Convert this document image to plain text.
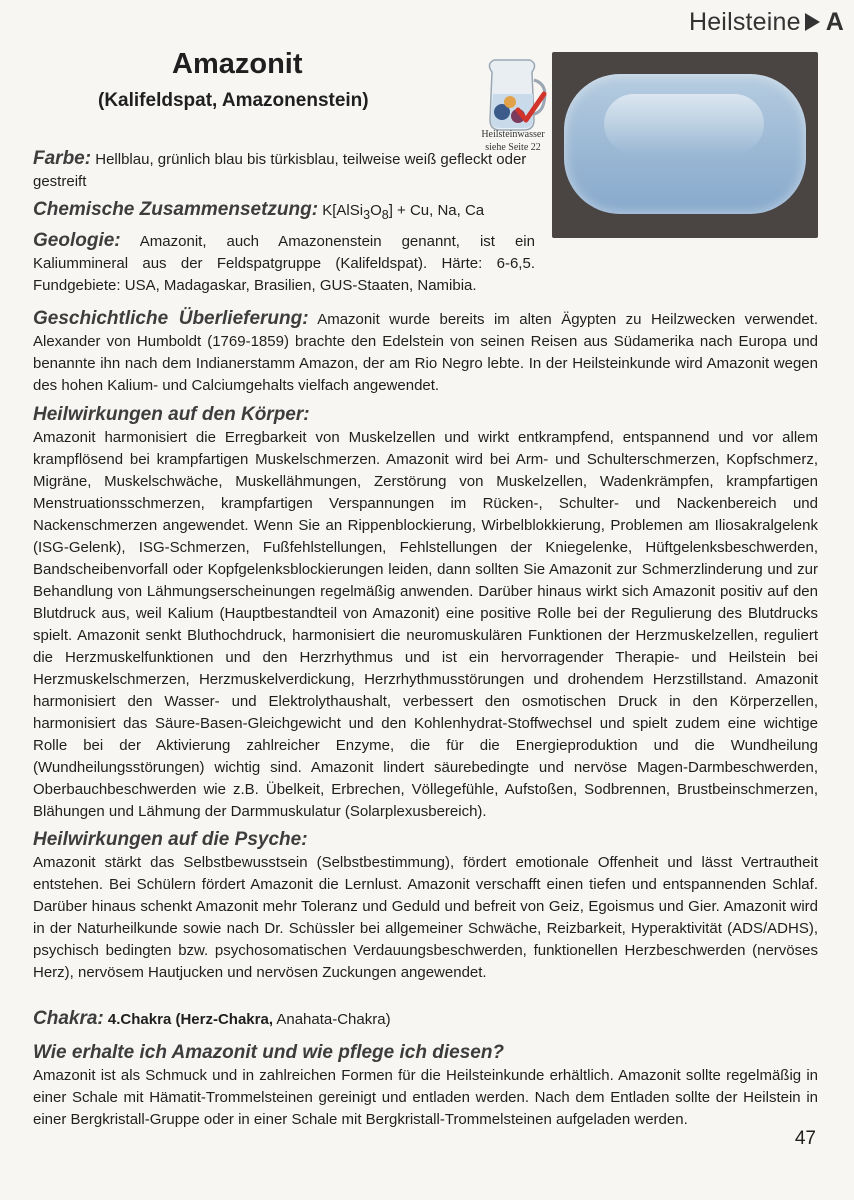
Heilsteine A
Amazonit
(Kalifeldspat, Amazonenstein)
Heilsteinwasser
siehe Seite 22

Farbe: Hellblau, grünlich blau bis türkisblau, teilweise weiß gefleckt oder gestreift

Chemische Zusammensetzung: $K[AlSi_3O_8] + Cu$, Na, Ca

Geologie: Amazonit, auch Amazonenstein genannt, ist ein Kaliummineral aus der Feldspatgruppe (Kalifeldspat). Härte: 6-6,5. Fundgebiete: USA, Madagaskar, Brasilien, GUS-Staaten, Namibia.

Geschichtliche Überlieferung: Amazonit wurde bereits im alten Ägypten zu Heilzwecken verwendet. Alexander von Humboldt (1769-1859) brachte den Edelstein von seinen Reisen aus Südamerika nach Europa und benannte ihn nach dem Indianerstamm Amazon, der am Rio Negro lebte. In der Heilsteinkunde wird Amazonit wegen des hohen Kalium- und Calciumgehalts vielfach angewendet.

Heilwirkungen auf den Körper:

Amazonit harmonisiert die Erregbarkeit von Muskelzellen und wirkt entkrampfend, entspannend und vor allem krampflösend bei krampfartigen Muskelschmerzen. Amazonit wird bei Arm- und Schulterschmerzen, Kopfschmerz, Migräne, Muskelschwäche, Muskellähmungen, Zerstörung von Muskelzellen, Wadenkrämpfen, krampfartigen Menstruationsschmerzen, krampfartigen Verspannungen im Rücken-, Schulter- und Nackenbereich und Nackenschmerzen angewendet. Wenn Sie an Rippenblockierung, Wirbelblokkierung, Problemen am Iliosakralgelenk (ISG-Gelenk), ISG-Schmerzen, Fußfehlstellungen, Fehlstellungen der Kniegelenke, Hüftgelenksbeschwerden, Bandscheibenvorfall oder Kopfgelenksblockierungen leiden, dann sollten Sie Amazonit zur Schmerzlinderung und zur Behandlung von Lähmungserscheinungen regelmäßig anwenden. Darüber hinaus wirkt sich Amazonit positiv auf den Blutdruck aus, weil Kalium (Hauptbestandteil von Amazonit) eine positive Rolle bei der Regulierung des Blutdrucks spielt. Amazonit senkt Bluthochdruck, harmonisiert die neuromuskulären Funktionen der Herzmuskelzellen, reguliert die Herzmuskelfunktionen und den Herzrhythmus und ist ein hervorragender Therapie- und Heilstein bei Herzmuskelschmerzen, Herzmuskelverdickung, Herzrhythmusstörungen und drohendem Herzstillstand. Amazonit harmonisiert den Wasser- und Elektrolythaushalt, verbessert den osmotischen Druck in den Körperzellen, harmonisiert das Säure-Basen-Gleichgewicht und den Kohlenhydrat-Stoffwechsel und spielt zudem eine wichtige Rolle bei der Aktivierung zahlreicher Enzyme, die für die Energieproduktion und die Wundheilung (Wundheilungsstörungen) wichtig sind. Amazonit lindert säurebedingte und nervöse Magen-Darmbeschwerden, Oberbauchbeschwerden wie z.B. Übelkeit, Erbrechen, Völlegefühle, Aufstoßen, Sodbrennen, Brustbeinschmerzen, Blähungen und Lähmung der Darmmuskulatur (Solarplexusbereich).

Heilwirkungen auf die Psyche:

Amazonit stärkt das Selbstbewusstsein (Selbstbestimmung), fördert emotionale Offenheit und lässt Vertrautheit entstehen. Bei Schülern fördert Amazonit die Lernlust. Amazonit verschafft einen tiefen und entspannenden Schlaf. Darüber hinaus schenkt Amazonit mehr Toleranz und Geduld und befreit von Geiz, Egoismus und Gier. Amazonit wird in der Naturheilkunde sowie nach Dr. Schüssler bei allgemeiner Schwäche, Reizbarkeit, Hyperaktivität (ADS/ADHS), psychisch bedingten bzw. psychosomatischen Verdauungsbeschwerden, funktionellen Herzbeschwerden (nervöses Herz), nervösem Hautjucken und nervösen Zuckungen angewendet.

Chakra: 4.Chakra (Herz-Chakra, Anahata-Chakra)

Wie erhalte ich Amazonit und wie pflege ich diesen?

Amazonit ist als Schmuck und in zahlreichen Formen für die Heilsteinkunde erhältlich. Amazonit sollte regelmäßig in einer Schale mit Hämatit-Trommelsteinen gereinigt und entladen werden. Nach dem Entladen sollte der Heilstein in einer Bergkristall-Gruppe oder in einer Schale mit Bergkristall-Trommelsteinen aufgeladen werden.

47
